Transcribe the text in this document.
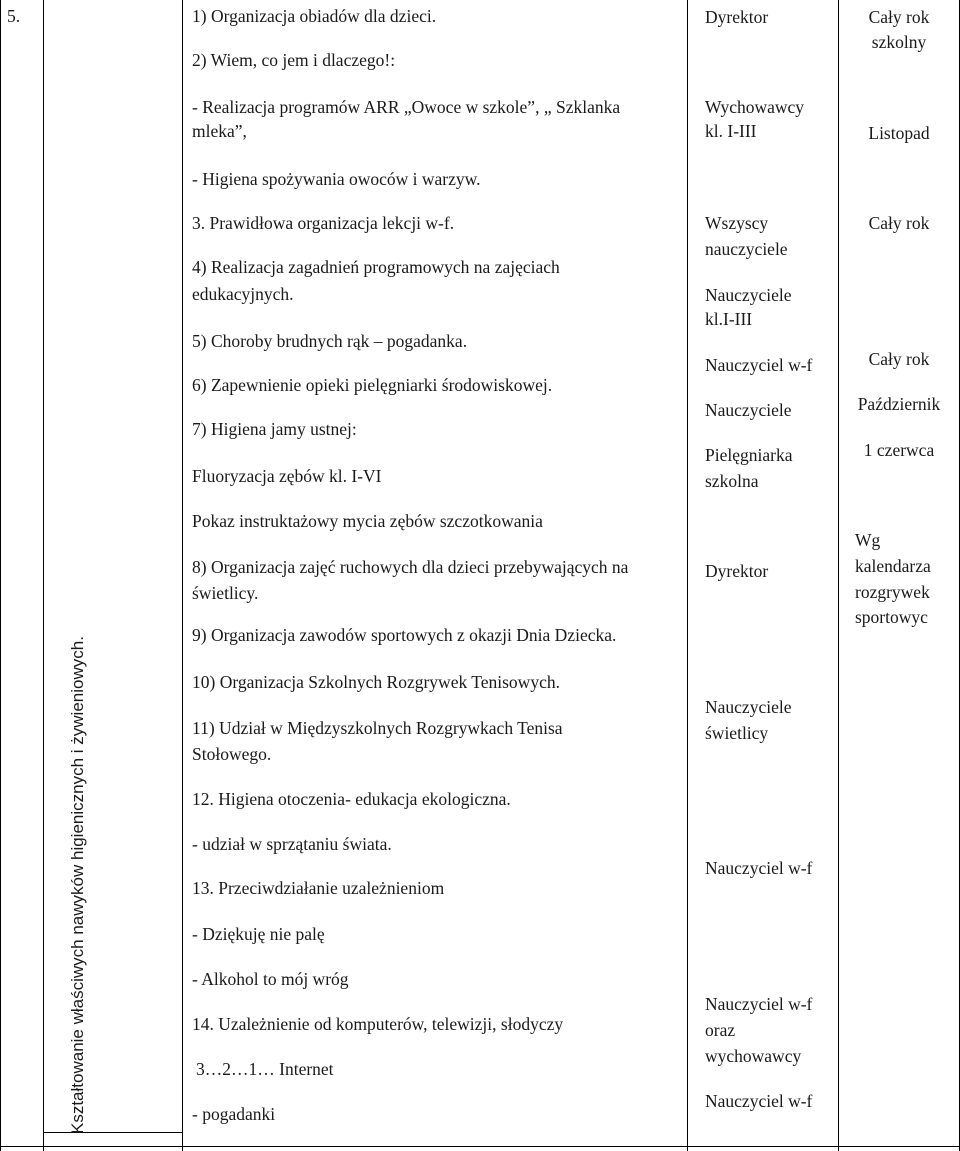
5.
Kształtowanie właściwych nawyków higienicznych i żywieniowych.
1) Organizacja obiadów dla dzieci.
2) Wiem, co jem i dlaczego!:
- Realizacja programów ARR „Owoce w szkole”, „ Szklanka
mleka”,
- Higiena spożywania owoców i warzyw.
3. Prawidłowa organizacja lekcji w-f.
4) Realizacja zagadnień programowych na zajęciach
edukacyjnych.
5) Choroby brudnych rąk – pogadanka.
6) Zapewnienie opieki pielęgniarki środowiskowej.
7) Higiena jamy ustnej:
Fluoryzacja zębów kl. I-VI
Pokaz instruktażowy mycia zębów szczotkowania
8) Organizacja zajęć ruchowych dla dzieci przebywających na
świetlicy.
9) Organizacja zawodów sportowych z okazji Dnia Dziecka.
10) Organizacja Szkolnych Rozgrywek Tenisowych.
11) Udział w Międzyszkolnych Rozgrywkach Tenisa
Stołowego.
12. Higiena otoczenia- edukacja ekologiczna.
- udział w sprzątaniu świata.
13. Przeciwdziałanie uzależnieniom
- Dziękuję nie palę
- Alkohol to mój wróg
14. Uzależnienie od komputerów, telewizji, słodyczy
3…2…1… Internet
- pogadanki
Dyrektor
Wychowawcy
kl. I-III
Wszyscy
nauczyciele
Nauczyciele
kl.I-III
Nauczyciel w-f
Nauczyciele
Pielęgniarka
szkolna
Dyrektor
Nauczyciele
świetlicy
Nauczyciel w-f
Nauczyciel w-f
oraz
wychowawcy
Nauczyciel w-f
Cały rok
szkolny
Listopad
Cały rok
Cały rok
Październik
1 czerwca
Wg
kalendarza
rozgrywek
sportowyc
